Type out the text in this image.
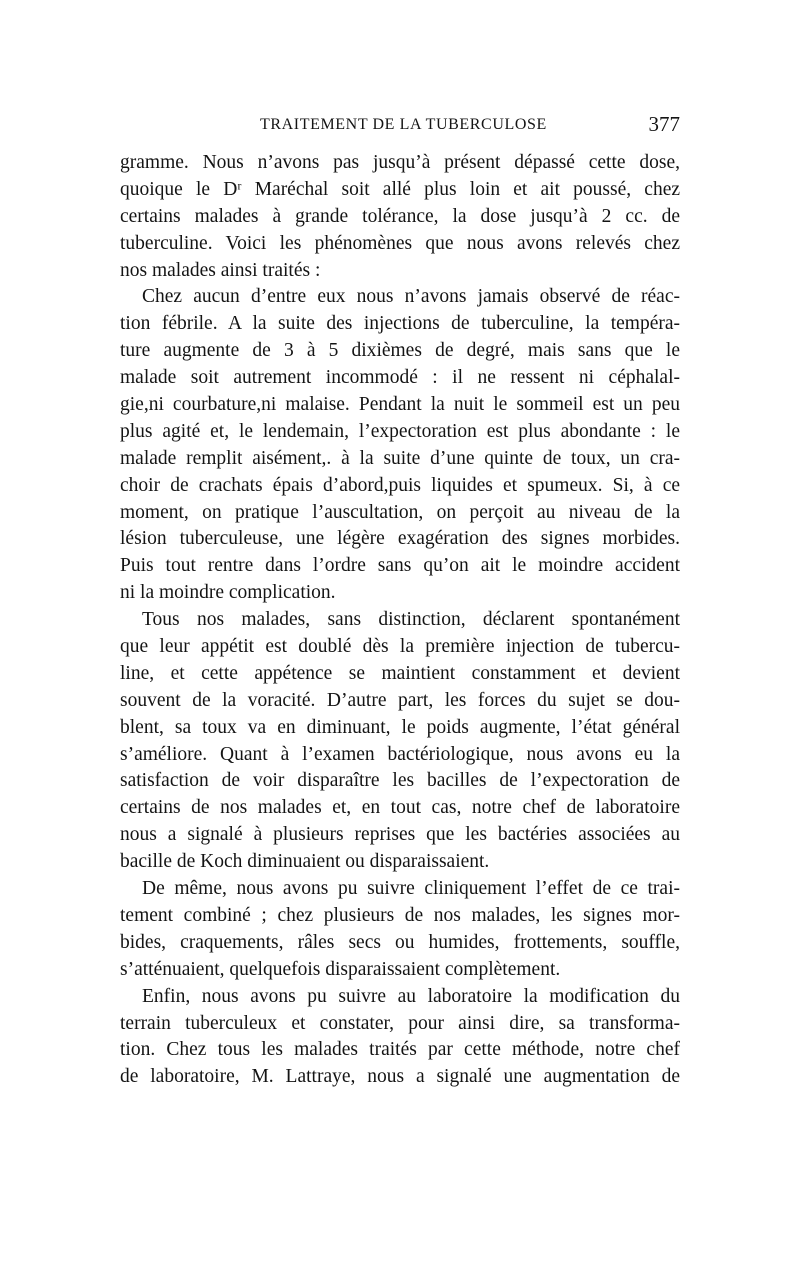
TRAITEMENT DE LA TUBERCULOSE	377
gramme. Nous n’avons pas jusqu’à présent dépassé cette dose,
quoique le Dʳ Maréchal soit allé plus loin et ait poussé, chez
certains malades à grande tolérance, la dose jusqu’à 2 cc. de
tuberculine. Voici les phénomènes que nous avons relevés chez
nos malades ainsi traités :
Chez aucun d’entre eux nous n’avons jamais observé de réac-
tion fébrile. A la suite des injections de tuberculine, la tempéra-
ture augmente de 3 à 5 dixièmes de degré, mais sans que le
malade soit autrement incommodé : il ne ressent ni céphalal-
gie,ni courbature,ni malaise. Pendant la nuit le sommeil est un peu
plus agité et, le lendemain, l’expectoration est plus abondante : le
malade remplit aisément,. à la suite d’une quinte de toux, un cra-
choir de crachats épais d’abord,puis liquides et spumeux. Si, à ce
moment, on pratique l’auscultation, on perçoit au niveau de la
lésion tuberculeuse, une légère exagération des signes morbides.
Puis tout rentre dans l’ordre sans qu’on ait le moindre accident
ni la moindre complication.
Tous nos malades, sans distinction, déclarent spontanément
que leur appétit est doublé dès la première injection de tubercu-
line, et cette appétence se maintient constamment et devient
souvent de la voracité. D’autre part, les forces du sujet se dou-
blent, sa toux va en diminuant, le poids augmente, l’état général
s’améliore. Quant à l’examen bactériologique, nous avons eu la
satisfaction de voir disparaître les bacilles de l’expectoration de
certains de nos malades et, en tout cas, notre chef de laboratoire
nous a signalé à plusieurs reprises que les bactéries associées au
bacille de Koch diminuaient ou disparaissaient.
De même, nous avons pu suivre cliniquement l’effet de ce trai-
tement combiné ; chez plusieurs de nos malades, les signes mor-
bides, craquements, râles secs ou humides, frottements, souffle,
s’atténuaient, quelquefois disparaissaient complètement.
Enfin, nous avons pu suivre au laboratoire la modification du
terrain tuberculeux et constater, pour ainsi dire, sa transforma-
tion. Chez tous les malades traités par cette méthode, notre chef
de laboratoire, M. Lattraye, nous a signalé une augmentation de
